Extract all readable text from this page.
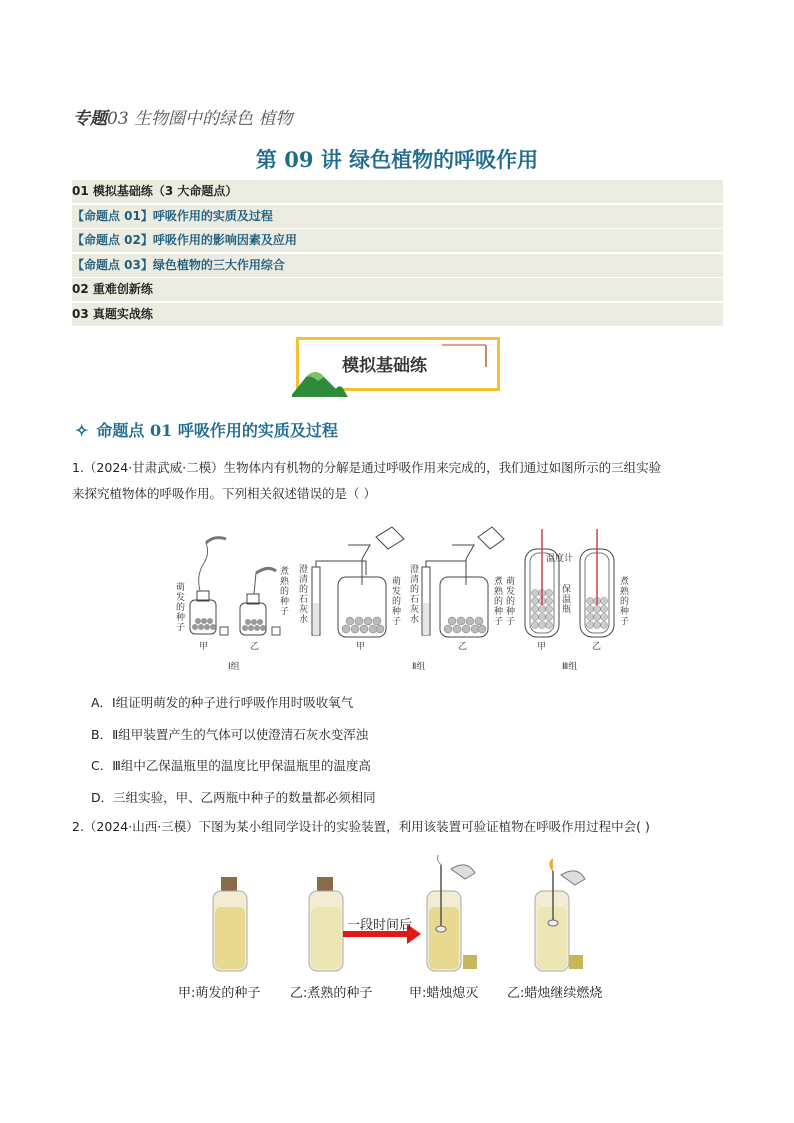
专题03 生物圈中的绿色 植物
第 09 讲 绿色植物的呼吸作用
01 模拟基础练（3 大命题点）
【命题点 01】呼吸作用的实质及过程
【命题点 02】呼吸作用的影响因素及应用
【命题点 03】绿色植物的三大作用综合
02 重难创新练
03 真题实战练
模拟基础练
✧ 命题点 01 呼吸作用的实质及过程
1.（2024·甘肃武威·二模）生物体内有机物的分解是通过呼吸作用来完成的，我们通过如图所示的三组实验
来探究植物体的呼吸作用。下列相关叙述错误的是（ ）
萌发的种子
煮熟的种子
甲	乙
Ⅰ组
澄清的石灰水
萌发的种子
澄清的石灰水
煮熟的种子
甲	乙
Ⅱ组
温度计
保温瓶
萌发的种子
煮熟的种子
甲	乙
Ⅲ组
A．Ⅰ组证明萌发的种子进行呼吸作用时吸收氧气
B．Ⅱ组甲装置产生的气体可以使澄清石灰水变浑浊
C．Ⅲ组中乙保温瓶里的温度比甲保温瓶里的温度高
D．三组实验，甲、乙两瓶中种子的数量都必须相同
2.（2024·山西·三模）下图为某小组同学设计的实验装置，利用该装置可验证植物在呼吸作用过程中会( )
一段时间后
甲:萌发的种子 乙:煮熟的种子	甲:蜡烛熄灭 乙:蜡烛继续燃烧
